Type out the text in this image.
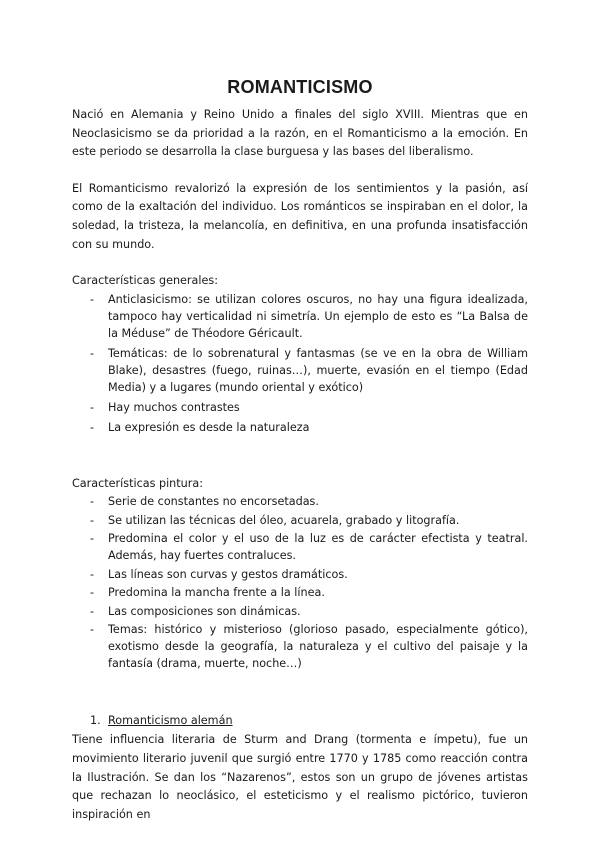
ROMANTICISMO

Nació en Alemania y Reino Unido a finales del siglo XVIII. Mientras que en Neoclasicismo se da prioridad a la razón, en el Romanticismo a la emoción. En este periodo se desarrolla la clase burguesa y las bases del liberalismo.

El Romanticismo revalorizó la expresión de los sentimientos y la pasión, así como de la exaltación del individuo. Los románticos se inspiraban en el dolor, la soledad, la tristeza, la melancolía, en definitiva, en una profunda insatisfacción con su mundo.

Características generales:
- Anticlasicismo: se utilizan colores oscuros, no hay una figura idealizada, tampoco hay verticalidad ni simetría. Un ejemplo de esto es “La Balsa de la Méduse” de Théodore Géricault.
- Temáticas: de lo sobrenatural y fantasmas (se ve en la obra de William Blake), desastres (fuego, ruinas…), muerte, evasión en el tiempo (Edad Media) y a lugares (mundo oriental y exótico)
- Hay muchos contrastes
- La expresión es desde la naturaleza
Características pintura:
- Serie de constantes no encorsetadas.
- Se utilizan las técnicas del óleo, acuarela, grabado y litografía.
- Predomina el color y el uso de la luz es de carácter efectista y teatral. Además, hay fuertes contraluces.
- Las líneas son curvas y gestos dramáticos.
- Predomina la mancha frente a la línea.
- Las composiciones son dinámicas.
- Temas: histórico y misterioso (glorioso pasado, especialmente gótico), exotismo desde la geografía, la naturaleza y el cultivo del paisaje y la fantasía (drama, muerte, noche…)
1. Romanticismo alemán

Tiene influencia literaria de Sturm and Drang (tormenta e ímpetu), fue un movimiento literario juvenil que surgió entre 1770 y 1785 como reacción contra la Ilustración. Se dan los “Nazarenos”, estos son un grupo de jóvenes artistas que rechazan lo neoclásico, el esteticismo y el realismo pictórico, tuvieron inspiración en
